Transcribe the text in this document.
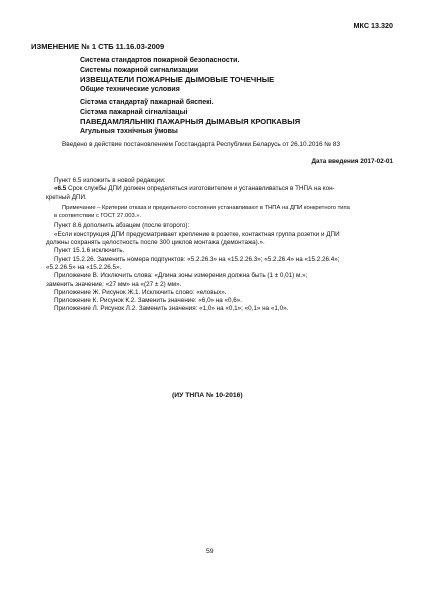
МКС 13.320
ИЗМЕНЕНИЕ № 1 СТБ 11.16.03-2009
Система стандартов пожарной безопасности.
Системы пожарной сигнализации
ИЗВЕЩАТЕЛИ ПОЖАРНЫЕ ДЫМОВЫЕ ТОЧЕЧНЫЕ
Общие технические условия
Сістэма стандартаў пажарнай бяспекі.
Сістэма пажарнай сігналізацыі
ПАВЕДАМЛЯЛЬНІКІ ПАЖАРНЫЯ ДЫМАВЫЯ КРОПКАВЫЯ
Агульныя тэхнічныя ўмовы
Введено в действие постановлением Госстандарта Республики Беларусь от 26.10.2016 № 83
Дата введения 2017-02-01
Пункт 6.5 изложить в новой редакции:
«6.5 Срок службы ДПИ должен определяться изготовителем и устанавливаться в ТНПА на кон-
кретный ДПИ.
Примечание – Критерии отказа и предельного состояния устанавливают в ТНПА на ДПИ конкретного типа
в соответствии с ГОСТ 27.003.».
Пункт 8.6 дополнить абзацем (после второго):
«Если конструкция ДПИ предусматривает крепление в розетке, контактная группа розетки и ДПИ
должны сохранять целостность после 300 циклов монтажа (демонтажа).».
Пункт 15.1.6 исключить.
Пункт 15.2.26. Заменить номера подпунктов: «5.2.26.3» на «15.2.26.3»; «5.2.26.4» на «15.2.26.4»;
«5.2.26.5» на «15.2.26.5».
Приложение В. Исключить слова: «Длина зоны измерения должна быть (1 ± 0,01) м.»;
заменить значение: «27 мм» на «(27 ± 2) мм».
Приложение Ж. Рисунок Ж.1. Исключить слово: «еловых».
Приложение К. Рисунок К.2. Заменить значение: «6,0» на «0,6».
Приложение Л. Рисунок Л.2. Заменить значения: «1,0» на «0,1»; «0,1» на «1,0».
(ИУ ТНПА № 10-2016)
59
